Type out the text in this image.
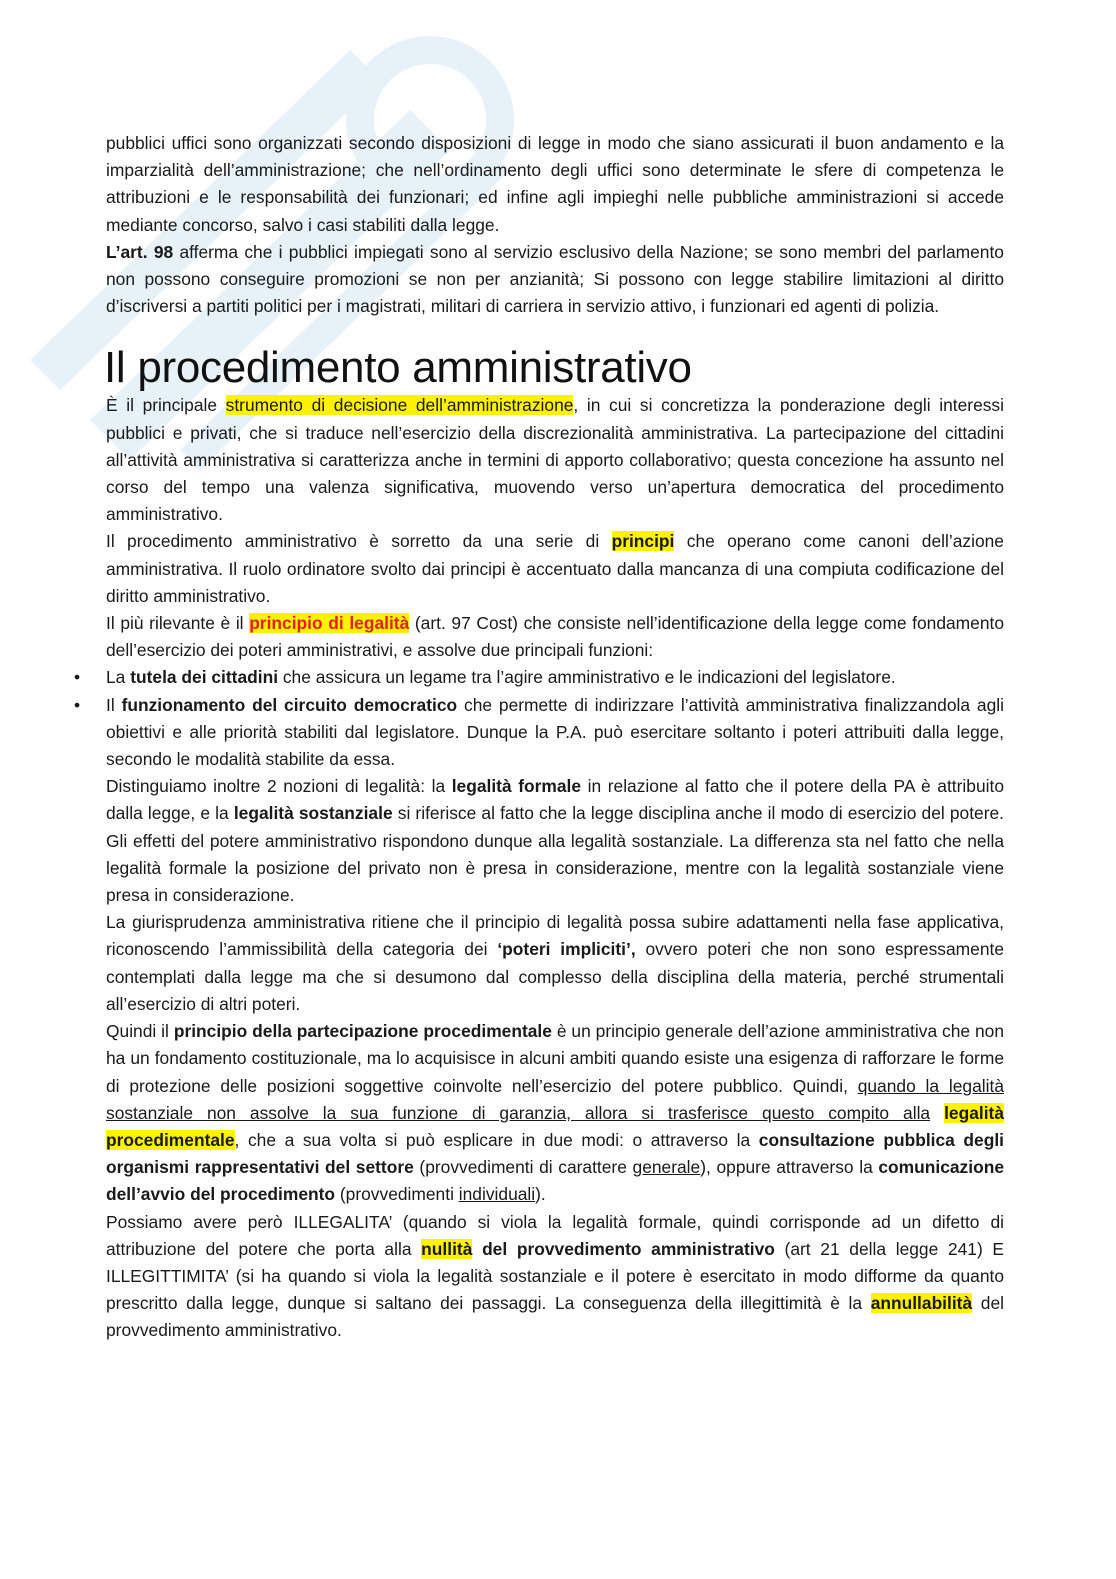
pubblici uffici sono organizzati secondo disposizioni di legge in modo che siano assicurati il buon andamento e la imparzialità dell’amministrazione; che nell’ordinamento degli uffici sono determinate le sfere di competenza le attribuzioni e le responsabilità dei funzionari; ed infine agli impieghi nelle pubbliche amministrazioni si accede mediante concorso, salvo i casi stabiliti dalla legge.

L’art. 98 afferma che i pubblici impiegati sono al servizio esclusivo della Nazione; se sono membri del parlamento non possono conseguire promozioni se non per anzianità; Si possono con legge stabilire limitazioni al diritto d’iscriversi a partiti politici per i magistrati, militari di carriera in servizio attivo, i funzionari ed agenti di polizia.

Il procedimento amministrativo

È il principale strumento di decisione dell’amministrazione, in cui si concretizza la ponderazione degli interessi pubblici e privati, che si traduce nell’esercizio della discrezionalità amministrativa. La partecipazione del cittadini all’attività amministrativa si caratterizza anche in termini di apporto collaborativo; questa concezione ha assunto nel corso del tempo una valenza significativa, muovendo verso un’apertura democratica del procedimento amministrativo.

Il procedimento amministrativo è sorretto da una serie di principi che operano come canoni dell’azione amministrativa. Il ruolo ordinatore svolto dai principi è accentuato dalla mancanza di una compiuta codificazione del diritto amministrativo.

Il più rilevante è il principio di legalità (art. 97 Cost) che consiste nell’identificazione della legge come fondamento dell’esercizio dei poteri amministrativi, e assolve due principali funzioni:

• La tutela dei cittadini che assicura un legame tra l’agire amministrativo e le indicazioni del legislatore.
• Il funzionamento del circuito democratico che permette di indirizzare l’attività amministrativa finalizzandola agli obiettivi e alle priorità stabiliti dal legislatore. Dunque la P.A. può esercitare soltanto i poteri attribuiti dalla legge, secondo le modalità stabilite da essa.

Distinguiamo inoltre 2 nozioni di legalità: la legalità formale in relazione al fatto che il potere della PA è attribuito dalla legge, e la legalità sostanziale si riferisce al fatto che la legge disciplina anche il modo di esercizio del potere. Gli effetti del potere amministrativo rispondono dunque alla legalità sostanziale. La differenza sta nel fatto che nella legalità formale la posizione del privato non è presa in considerazione, mentre con la legalità sostanziale viene presa in considerazione.

La giurisprudenza amministrativa ritiene che il principio di legalità possa subire adattamenti nella fase applicativa, riconoscendo l’ammissibilità della categoria dei ‘poteri impliciti’, ovvero poteri che non sono espressamente contemplati dalla legge ma che si desumono dal complesso della disciplina della materia, perché strumentali all’esercizio di altri poteri.

Quindi il principio della partecipazione procedimentale è un principio generale dell’azione amministrativa che non ha un fondamento costituzionale, ma lo acquisisce in alcuni ambiti quando esiste una esigenza di rafforzare le forme di protezione delle posizioni soggettive coinvolte nell’esercizio del potere pubblico. Quindi, quando la legalità sostanziale non assolve la sua funzione di garanzia, allora si trasferisce questo compito alla legalità procedimentale, che a sua volta si può esplicare in due modi: o attraverso la consultazione pubblica degli organismi rappresentativi del settore (provvedimenti di carattere generale), oppure attraverso la comunicazione dell’avvio del procedimento (provvedimenti individuali).

Possiamo avere però ILLEGALITA’ (quando si viola la legalità formale, quindi corrisponde ad un difetto di attribuzione del potere che porta alla nullità del provvedimento amministrativo (art 21 della legge 241) E ILLEGITTIMITA’ (si ha quando si viola la legalità sostanziale e il potere è esercitato in modo difforme da quanto prescritto dalla legge, dunque si saltano dei passaggi. La conseguenza della illegittimità è la annullabilità del provvedimento amministrativo.
